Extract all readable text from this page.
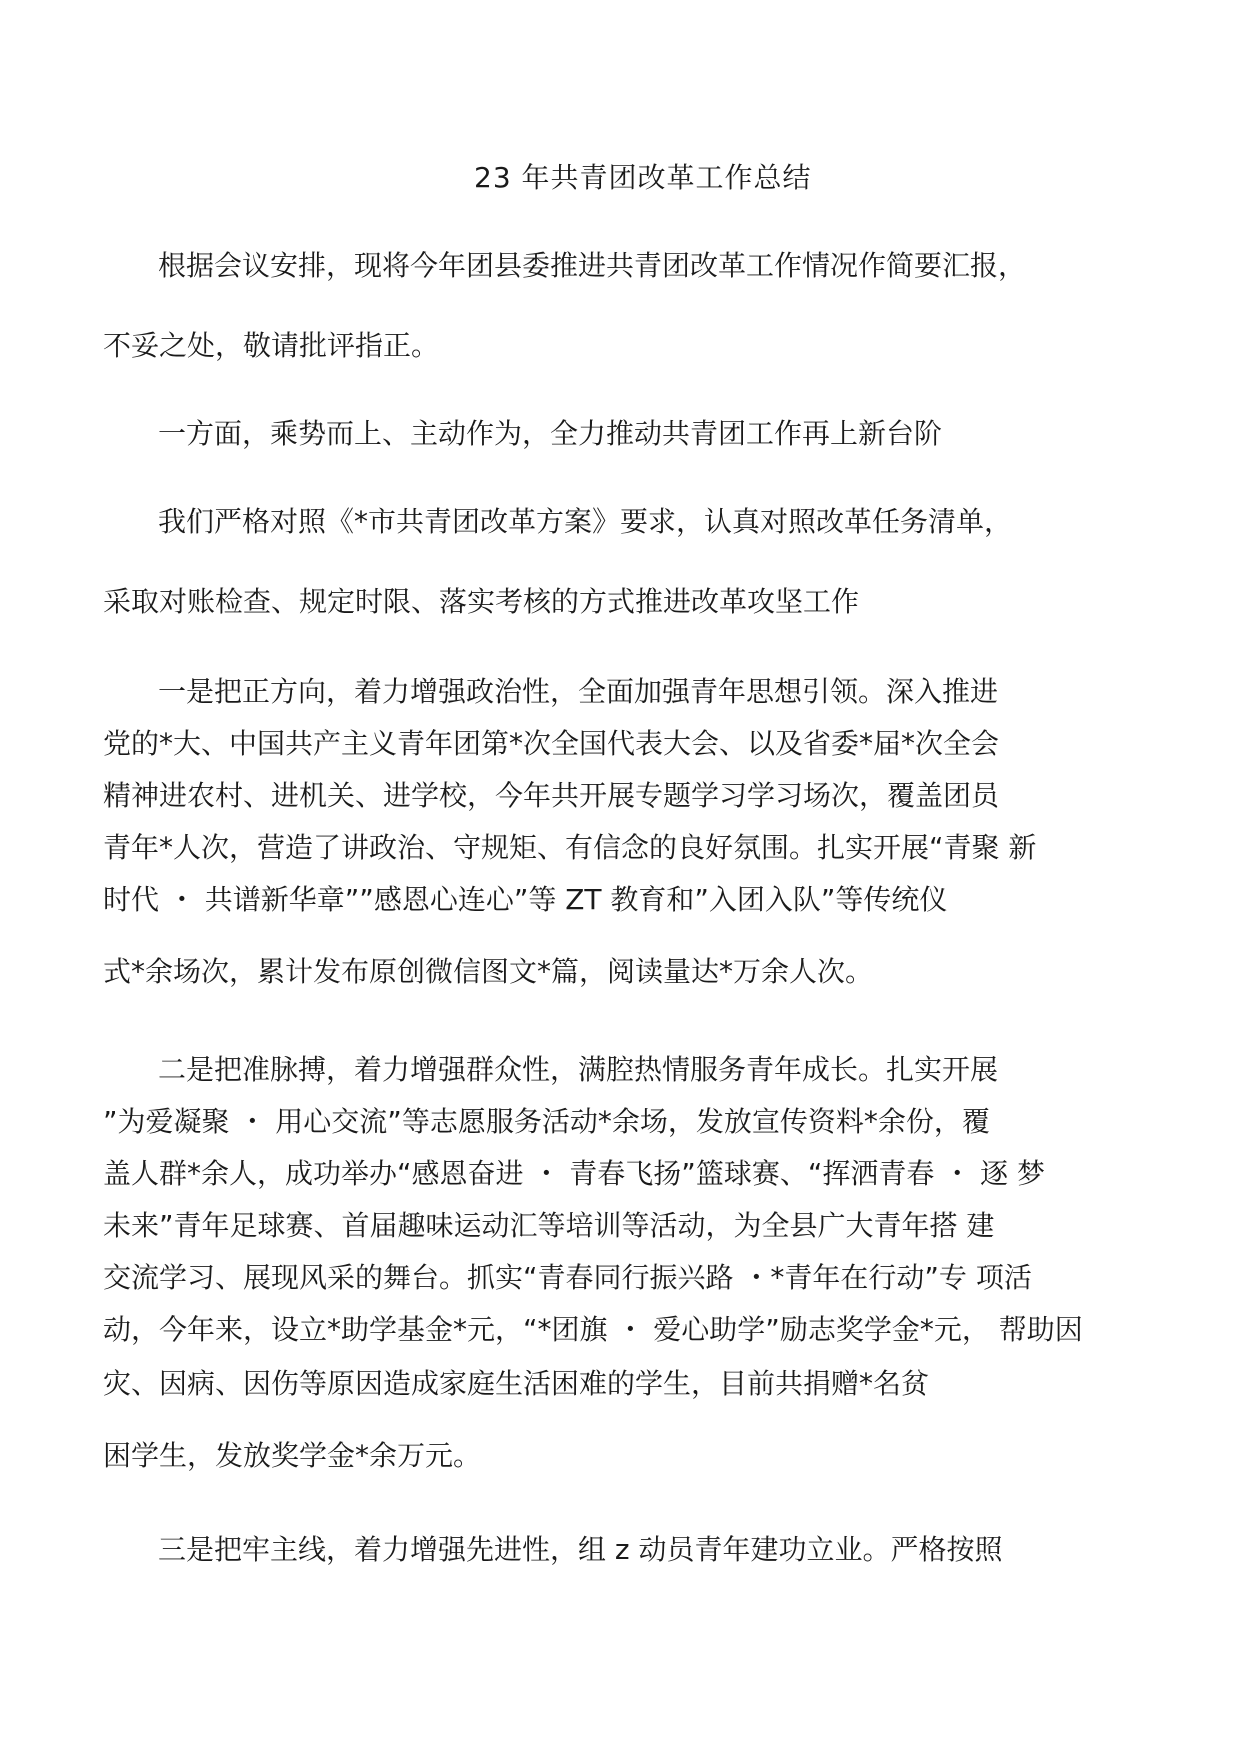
23 年共青团改革工作总结
根据会议安排，现将今年团县委推进共青团改革工作情况作简要汇报，
不妥之处，敬请批评指正。
一方面，乘势而上、主动作为，全力推动共青团工作再上新台阶
我们严格对照《*市共青团改革方案》要求，认真对照改革任务清单，
采取对账检查、规定时限、落实考核的方式推进改革攻坚工作
一是把正方向，着力增强政治性，全面加强青年思想引领。深入推进
党的*大、中国共产主义青年团第*次全国代表大会、以及省委*届*次全会
精神进农村、进机关、进学校，今年共开展专题学习学习场次，覆盖团员
青年*人次，营造了讲政治、守规矩、有信念的良好氛围。扎实开展“青聚 新
时代 ・ 共谱新华章””感恩心连心”等 ZT 教育和”入团入队”等传统仪
式*余场次，累计发布原创微信图文*篇，阅读量达*万余人次。
二是把准脉搏，着力增强群众性，满腔热情服务青年成长。扎实开展
”为爱凝聚 ・ 用心交流”等志愿服务活动*余场，发放宣传资料*余份，覆
盖人群*余人，成功举办“感恩奋进 ・ 青春飞扬”篮球赛、“挥洒青春 ・ 逐 梦
未来”青年足球赛、首届趣味运动汇等培训等活动，为全县广大青年搭 建
交流学习、展现风采的舞台。抓实“青春同行振兴路 ・*青年在行动”专 项活
动，今年来，设立*助学基金*元，“*团旗 ・ 爱心助学”励志奖学金*元， 帮助因
灾、因病、因伤等原因造成家庭生活困难的学生，目前共捐赠*名贫
困学生，发放奖学金*余万元。
三是把牢主线，着力增强先进性，组 z 动员青年建功立业。严格按照
